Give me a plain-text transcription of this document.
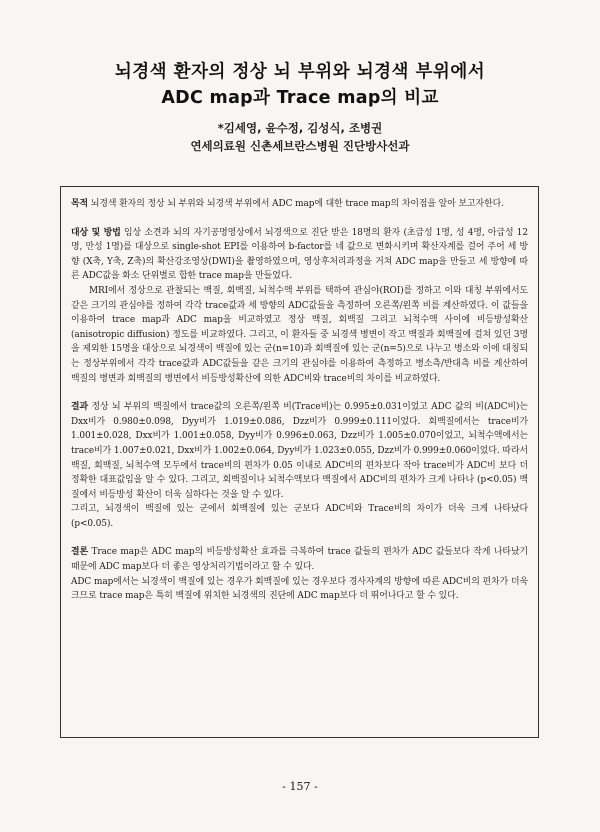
뇌경색 환자의 정상 뇌 부위와 뇌경색 부위에서
ADC map과 Trace map의 비교
*김세영, 윤수정, 김성식, 조병권
연세의료원 신촌세브란스병원 진단방사선과

목적 뇌경색 환자의 정상 뇌 부위와 뇌경색 부위에서 ADC map에 대한 trace map의 차이점을 알아 보고자한다.

대상 및 방법 임상 소견과 뇌의 자기공명영상에서 뇌경색으로 진단 받은 18명의 환자 (초급성 1명, 성 4명, 아급성 12명, 만성 1명)를 대상으로 single-shot EPI를 이용하여 b-factor를 네 값으로 변화시키며 확산자계를 걸어 주어 세 방향 (X축, Y축, Z축)의 확산강조영상(DWI)을 촬영하였으며, 영상후처리과정을 거쳐 ADC map을 만들고 세 방향에 따른 ADC값을 화소 단위별로 합한 trace map을 만들었다.

MRI에서 정상으로 관찰되는 백질, 회백질, 뇌척수액 부위를 택하여 관심야(ROI)를 정하고 이와 대칭 부위에서도 같은 크기의 관심야를 정하여 각각 trace값과 세 방향의 ADC값들을 측정하여 오른쪽/왼쪽 비를 계산하였다. 이 값들을 이용하여 trace map과 ADC map을 비교하였고 정상 백질, 회백질 그리고 뇌척수액 사이에 비등방성확산(anisotropic diffusion) 정도를 비교하였다. 그리고, 이 환자들 중 뇌경색 병변이 작고 백질과 회백질에 걸쳐 있던 3명을 제외한 15명을 대상으로 뇌경색이 백질에 있는 군(n=10)과 회백질에 있는 군(n=5)으로 나누고 병소와 이에 대칭되는 정상부위에서 각각 trace값과 ADC값들을 같은 크기의 관심야를 이용하여 측정하고 병소측/반대측 비를 계산하여 백질의 병변과 회백질의 병변에서 비등방성확산에 의한 ADC비와 trace비의 차이를 비교하였다.

결과 정상 뇌 부위의 백질에서 trace값의 오른쪽/왼쪽 비(Trace비)는 0.995±0.031이었고 ADC 값의 비(ADC비)는 Dxx비가 0.980±0.098, Dyy비가 1.019±0.086, Dzz비가 0.999±0.111이었다. 회백질에서는 trace비가 1.001±0.028, Dxx비가 1.001±0.058, Dyy비가 0.996±0.063, Dzz비가 1.005±0.070이었고, 뇌척수액에서는 trace비가 1.007±0.021, Dxx비가 1.002±0.064, Dyy비가 1.023±0.055, Dzz비가 0.999±0.060이었다. 따라서 백질, 회백질, 뇌척수액 모두에서 trace비의 편차가 0.05 이내로 ADC비의 편차보다 작아 trace비가 ADC비 보다 더 정확한 대표값임을 알 수 있다. 그리고, 회백질이나 뇌척수액보다 백질에서 ADC비의 편차가 크게 나타나 (p<0.05) 백질에서 비등방성 확산이 더욱 심하다는 것을 알 수 있다.

그리고, 뇌경색이 백질에 있는 군에서 회백질에 있는 군보다 ADC비와 Trace비의 차이가 더욱 크게 나타났다 (p<0.05).

결론 Trace map은 ADC map의 비등방성확산 효과를 극복하여 trace 값들의 편차가 ADC 값들보다 작게 나타났기 때문에 ADC map보다 더 좋은 영상처리기법이라고 할 수 있다.

ADC map에서는 뇌경색이 백질에 있는 경우가 회백질에 있는 경우보다 경사자계의 방향에 따른 ADC비의 편차가 더욱 크므로 trace map은 특히 백질에 위치한 뇌경색의 진단에 ADC map보다 더 뛰어나다고 할 수 있다.

- 157 -
